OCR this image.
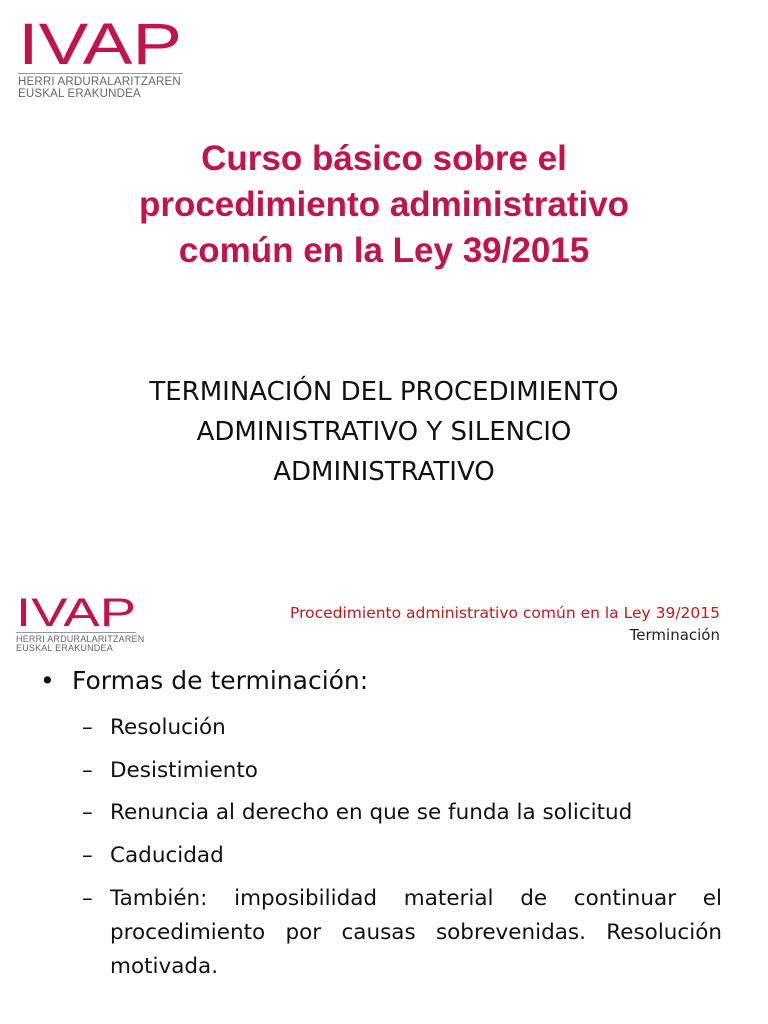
IVAP
HERRI ARDURALARITZAREN
EUSKAL ERAKUNDEA
Curso básico sobre el
procedimiento administrativo
común en la Ley 39/2015
TERMINACIÓN DEL PROCEDIMIENTO
ADMINISTRATIVO Y SILENCIO
ADMINISTRATIVO
IVAP
HERRI ARDURALARITZAREN
EUSKAL ERAKUNDEA
Procedimiento administrativo común en la Ley 39/2015
Terminación
• Formas de terminación:
– Resolución
– Desistimiento
– Renuncia al derecho en que se funda la solicitud
– Caducidad
– También: imposibilidad material de continuar el procedimiento por causas sobrevenidas. Resolución motivada.
